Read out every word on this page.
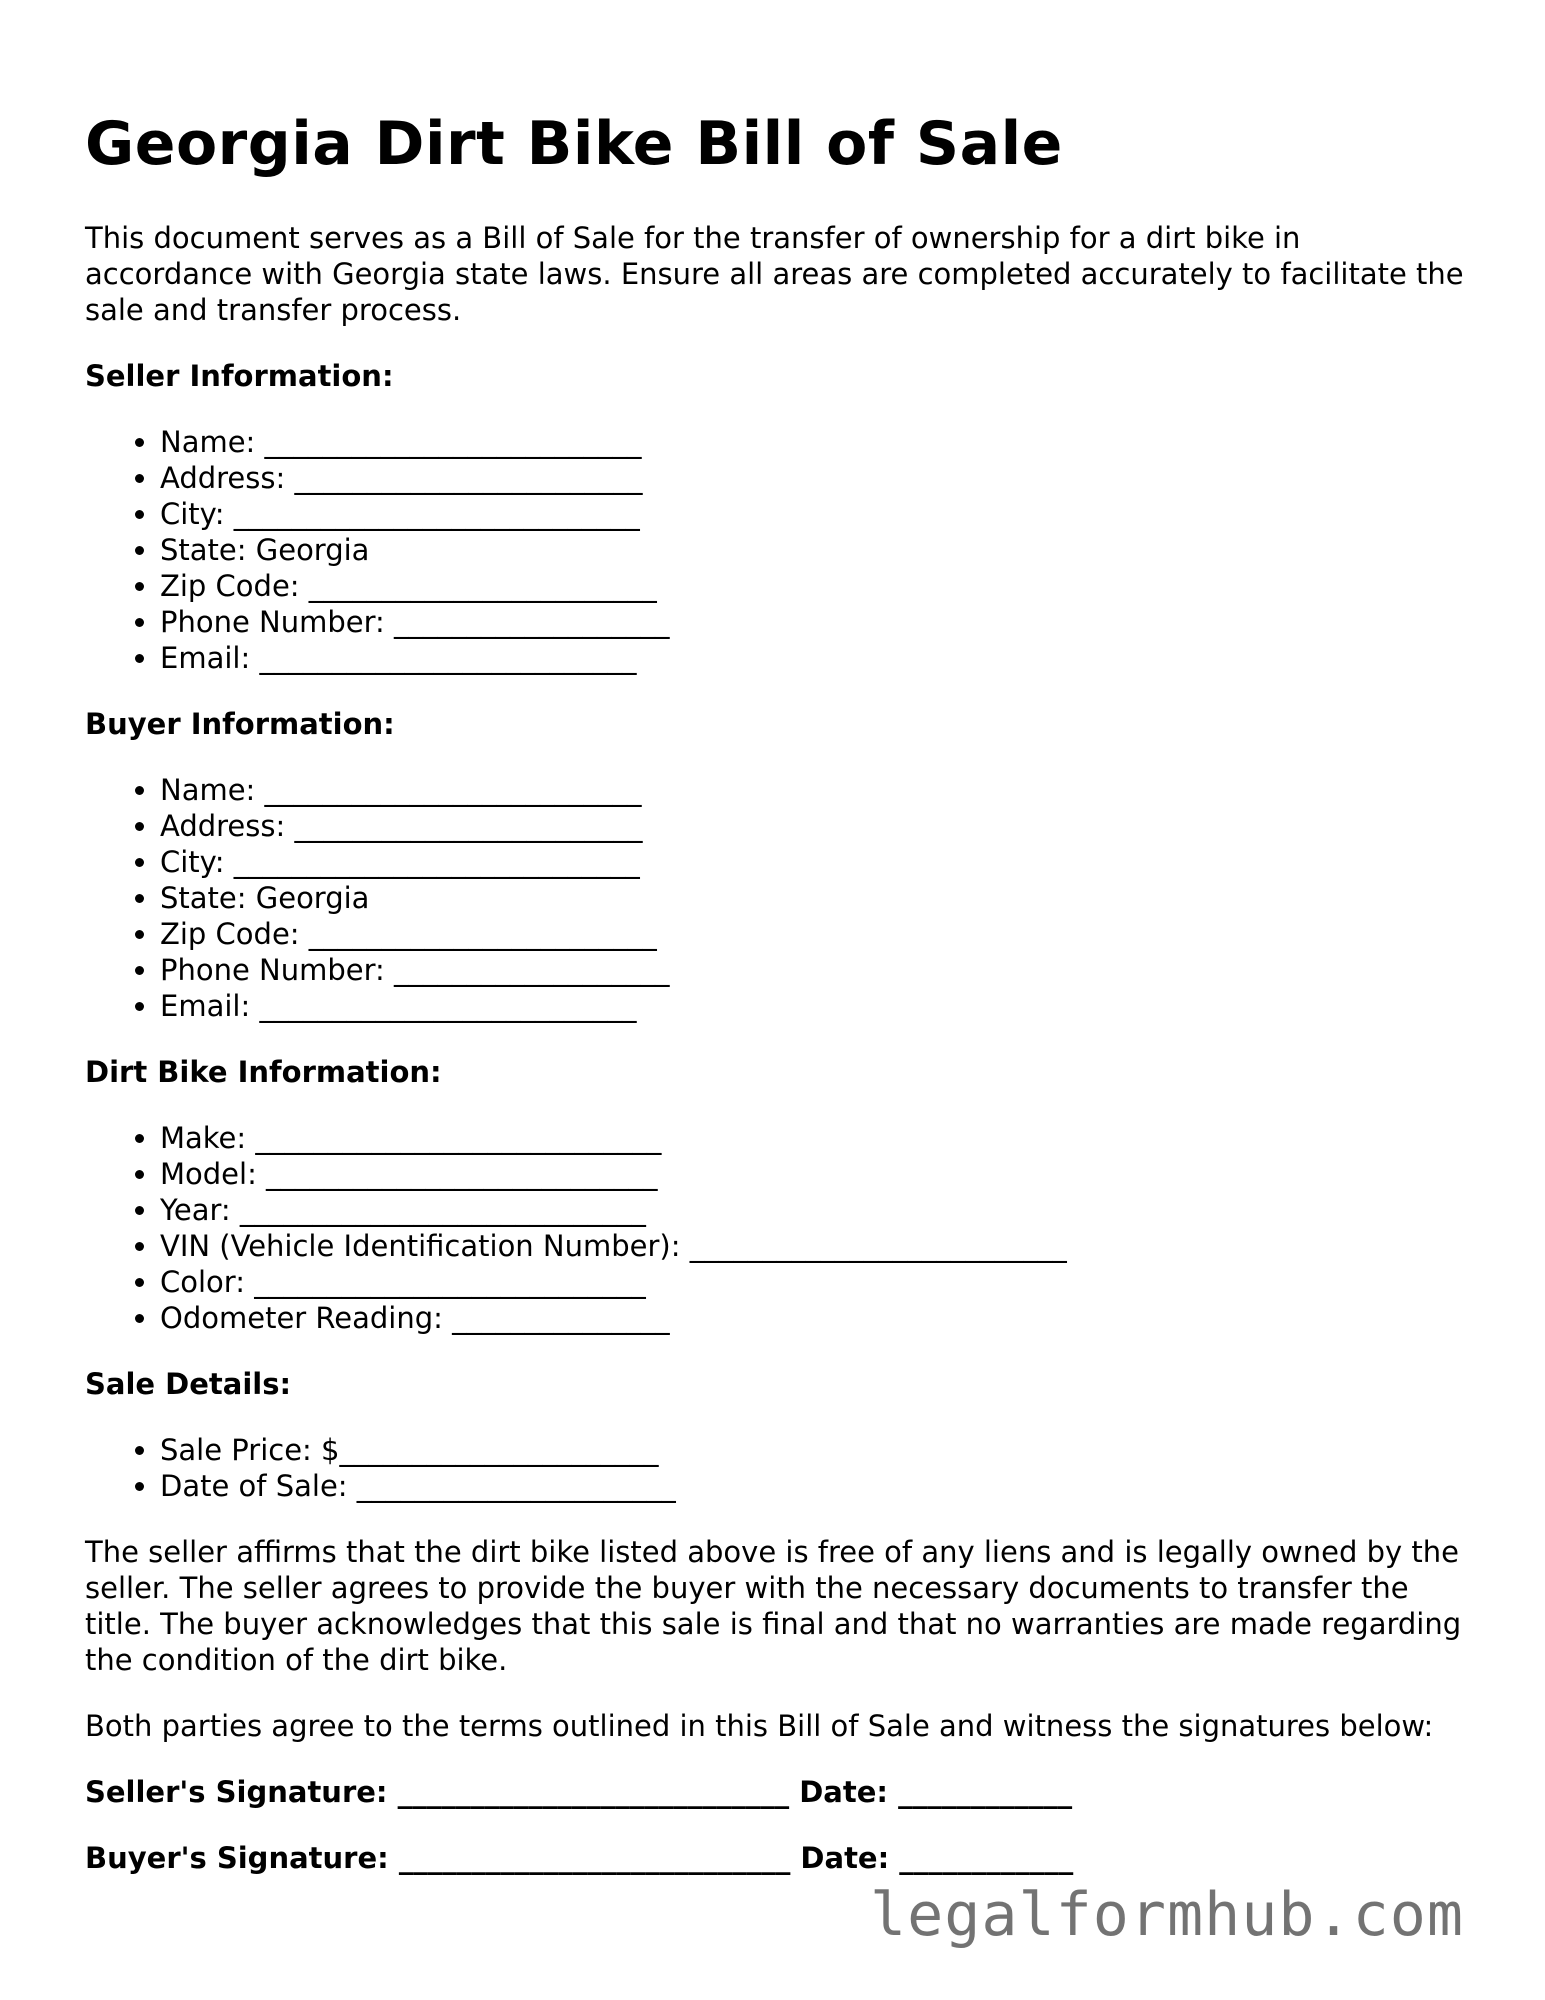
Georgia Dirt Bike Bill of Sale

This document serves as a Bill of Sale for the transfer of ownership for a dirt bike in accordance with Georgia state laws. Ensure all areas are completed accurately to facilitate the sale and transfer process.

Seller Information:
• Name: __________________________
• Address: ________________________
• City: ____________________________
• State: Georgia
• Zip Code: ________________________
• Phone Number: ___________________
• Email: __________________________
Buyer Information:
• Name: __________________________
• Address: ________________________
• City: ____________________________
• State: Georgia
• Zip Code: ________________________
• Phone Number: ___________________
• Email: __________________________
Dirt Bike Information:
• Make: ____________________________
• Model: ___________________________
• Year: ____________________________
• VIN (Vehicle Identification Number): __________________________
• Color: ___________________________
• Odometer Reading: _______________
Sale Details:
• Sale Price: $______________________
• Date of Sale: ______________________

The seller affirms that the dirt bike listed above is free of any liens and is legally owned by the seller. The seller agrees to provide the buyer with the necessary documents to transfer the title. The buyer acknowledges that this sale is final and that no warranties are made regarding the condition of the dirt bike.

Both parties agree to the terms outlined in this Bill of Sale and witness the signatures below:

Seller's Signature: ___________________________ Date: ____________
Buyer's Signature: ___________________________ Date: ____________
legalformhub.com
